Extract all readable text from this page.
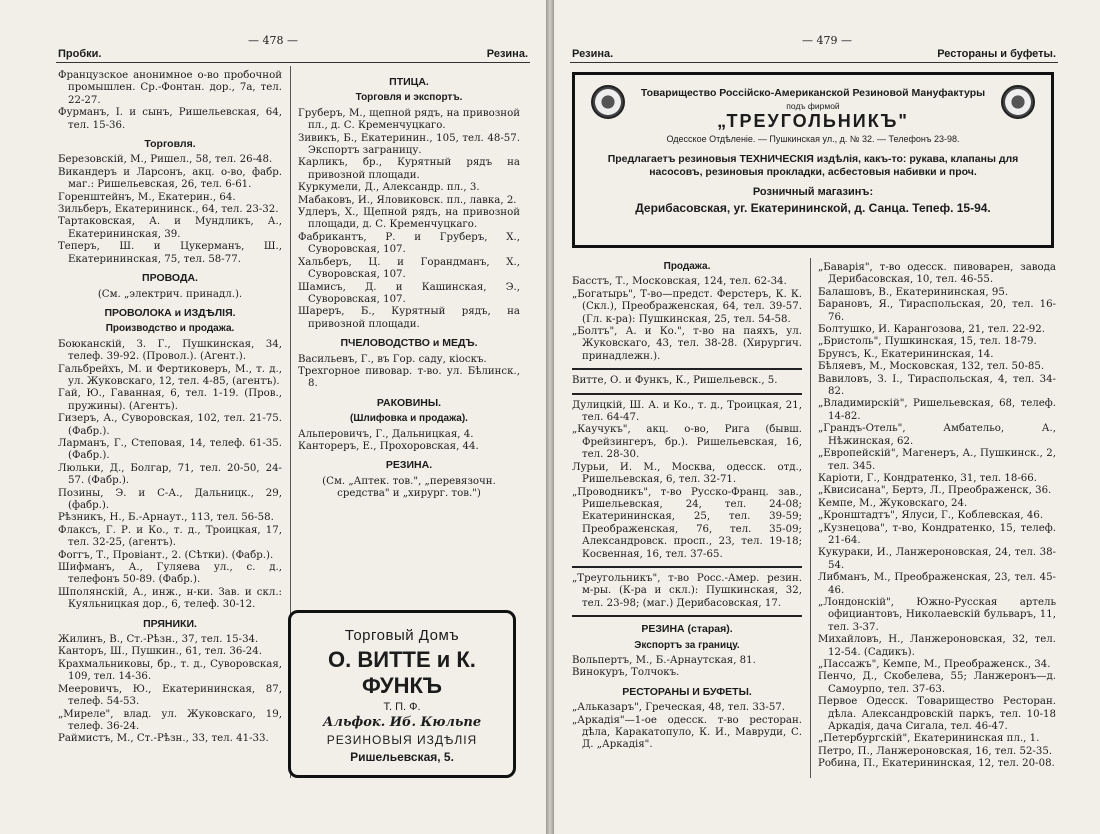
— 478 —
Пробки.	Резина.

Французское анонимное о-во пробочной промышлен. Ср.-Фонтан. дор., 7а, тел. 22-27.

Фурманъ, I. и сынъ, Ришельевская, 64, тел. 15-36.

Торговля.

Березовскій, М., Ришел., 58, тел. 26-48.

Викандеръ и Ларсонъ, акц. о-во, фабр. маг.: Ришельевская, 26, тел. 6-61.

Горенштейнъ, М., Екатерин., 64.

Зильберъ, Екатерининск., 64, тел. 23-32.

Тартаковская, А. и Мундликъ, А., Екатерининская, 39.

Теперъ, Ш. и Цукерманъ, Ш., Екатерининская, 75, тел. 58-77.

ПРОВОДА.

(См. „электрич. принадл.).

ПРОВОЛОКА и ИЗДѢЛІЯ.
Производство и продажа.

Боюканскій, З. Г., Пушкинская, 34, телеф. 39-92. (Провол.). (Агент.).

Гальбрейхъ, М. и Фертиковеръ, М., т. д., ул. Жуковскаго, 12, тел. 4-85, (агентъ).

Гай, Ю., Гаванная, 6, тел. 1-19. (Пров., пружины). (Агентъ).

Гизеръ, А., Суворовская, 102, тел. 21-75. (Фабр.).

Ларманъ, Г., Степовая, 14, телеф. 61-35. (Фабр.).

Люльки, Д., Болгар, 71, тел. 20-50, 24-57. (Фабр.).

Позины, Э. и С-А., Дальницк., 29, (фабр.).

Рѣзникъ, Н., Б.-Арнаут., 113, тел. 56-58.

Флаксъ, Г. Р. и Ко., т. д., Троицкая, 17, тел. 32-25, (агентъ).

Фоггъ, Т., Провіант., 2. (Сѣтки). (Фабр.).

Шифманъ, А., Гуляева ул., с. д., телефонъ 50-89. (Фабр.).

Шполянскій, А., инж., н-ки. Зав. и скл.: Куяльницкая дор., 6, телеф. 30-12.

ПРЯНИКИ.

Жилинъ, В., Ст.-Рѣзн., 37, тел. 15-34.

Канторъ, Ш., Пушкин., 61, тел. 36-24.

Крахмальниковы, бр., т. д., Суворовская, 109, тел. 14-36.

Мееровичъ, Ю., Екатерининская, 87, телеф. 54-53.

„Миреле", влад. ул. Жуковскаго, 19, телеф. 36-24.

Раймистъ, М., Ст.-Рѣзн., 33, тел. 41-33.

ПТИЦА.
Торговля и экспортъ.

Груберъ, М., щепной рядъ, на привозной пл., д. С. Кременчуцкаго.

Зивикъ, Б., Екатеринин., 105, тел. 48-57. Экспортъ заграницу.

Карликъ, бр., Курятный рядъ на привозной площади.

Куркумели, Д., Александр. пл., 3.

Мабаковъ, И., Яловиковск. пл., лавка, 2.

Удлеръ, Х., Щепной рядъ, на привозной площади, д. С. Кременчуцкаго.

Фабрикантъ, Р. и Груберъ, Х., Суворовская, 107.

Хальберъ, Ц. и Горандманъ, Х., Суворовская, 107.

Шамисъ, Д. и Кашинская, Э., Суворовская, 107.

Шареръ, Б., Курятный рядъ, на привозной площади.

ПЧЕЛОВОДСТВО и МЕДЪ.

Васильевъ, Г., въ Гор. саду, кіоскъ.

Трехгорное пивовар. т-во. ул. Бѣлинск., 8.

РАКОВИНЫ.
(Шлифовка и продажа).

Альперовичъ, Г., Дальницкая, 4.

Кантореръ, Е., Прохоровская, 44.

РЕЗИНА.

(См. „Аптек. тов.", „перевязочн. средства" и „хирург. тов.")

Торговый Домъ
О. ВИТТЕ и К. ФУНКЪ
Т. П. Ф.
Альфок. Иб. Кюльпе
РЕЗИНОВЫЯ ИЗДѢЛІЯ
Ришельевская, 5.
— 479 —
Резина.	Рестораны и буфеты.
Товарищество Россійско-Американской Резиновой Мануфактуры
подъ фирмой
„ТРЕУГОЛЬНИКЪ"
Одесское Отдѣленіе. — Пушкинская ул., д. № 32. — Телефонъ 23-98.
Предлагаетъ резиновыя ТЕХНИЧЕСКІЯ издѣлія, какъ-то: рукава, клапаны для насосовъ, резиновыя прокладки, асбестовыя набивки и проч.
Розничный магазинъ:
Дерибасовская, уг. Екатерининской, д. Санца. Тепеф. 15-94.
Продажа.

Басстъ, Т., Московская, 124, тел. 62-34.

„Богатырь", Т-во—предст. Ферстеръ, К. К. (Скл.), Преображенская, 64, тел. 39-57. (Гл. к-ра): Пушкинская, 25, тел. 54-58.

„Болтъ", А. и Ко.", т-во на паяхъ, ул. Жуковскаго, 43, тел. 38-28. (Хирургич. принадлежн.).

Витте, О. и Функъ, К., Ришельевск., 5.

Дулицкій, Ш. А. и Ко., т. д., Троицкая, 21, тел. 64-47.

„Каучукъ", акц. о-во, Рига (бывш. Фрейзингеръ, бр.). Ришельевская, 16, тел. 28-30.

Лурьи, И. М., Москва, одесск. отд., Ришельевская, 6, тел. 32-71.

„Проводникъ", т-во Русско-Франц. зав., Ришельевская, 24, тел. 24-08; Екатерининская, 25, тел. 39-59; Преображенская, 76, тел. 35-09; Александровск. просп., 23, тел. 19-18; Косвенная, 16, тел. 37-65.

„Треугольникъ", т-во Росс.-Амер. резин. м-ры. (К-ра и скл.): Пушкинская, 32, тел. 23-98; (маг.) Дерибасовская, 17.

РЕЗИНА (старая).
Экспортъ за границу.

Вольпертъ, М., Б.-Арнаутская, 81.

Винокуръ, Толчокъ.

РЕСТОРАНЫ И БУФЕТЫ.

„Альказаръ", Греческая, 48, тел. 33-57.

„Аркадія"—1-ое одесск. т-во ресторан. дѣла, Каракатопуло, К. И., Мавруди, С. Д. „Аркадія".

„Баварія", т-во одесск. пивоварен, завода Дерибасовская, 10, тел. 46-55.

Балашовъ, В., Екатерининская, 95.

Барановъ, Я., Тираспольская, 20, тел. 16-76.

Болтушко, И. Карангозова, 21, тел. 22-92.

„Бристоль", Пушкинская, 15, тел. 18-79.

Брунсъ, К., Екатерининская, 14.

Бѣляевъ, М., Московская, 132, тел. 50-85.

Вавиловъ, З. І., Тираспольская, 4, тел. 34-82.

„Владимирскій", Ришельевская, 68, телеф. 14-82.

„Грандъ-Отель", Амбательо, А., Нѣжинская, 62.

„Европейскій", Магенеръ, А., Пушкинск., 2, тел. 345.

Каріоти, Г., Кондратенко, 31, тел. 18-66.

„Квисисана", Бертэ, Л., Преображенск, 36.

Кемпе, М., Жуковскаго, 24.

„Кронштадтъ", Ялуси, Г., Коблевская, 46.

„Кузнецова", т-во, Кондратенко, 15, телеф. 21-64.

Кукураки, И., Ланжероновская, 24, тел. 38-54.

Либманъ, М., Преображенская, 23, тел. 45-46.

„Лондонскій", Южно-Русская артель официантовъ, Николаевскій бульваръ, 11, тел. 3-37.

Михайловъ, Н., Ланжероновская, 32, тел. 12-54. (Садикъ).

„Пассажъ", Кемпе, М., Преображенск., 34.

Пенчо, Д., Скобелева, 55; Ланжеронъ—д. Самоурпо, тел. 37-63.

Первое Одесск. Товарищество Ресторан. дѣла. Александровскій паркъ, тел. 10-18 Аркадія, дача Сигала, тел. 46-47.

„Петербургскій", Екатерининская пл., 1.

Петро, П., Ланжероновская, 16, тел. 52-35.

Робина, П., Екатерининская, 12, тел. 20-08.
